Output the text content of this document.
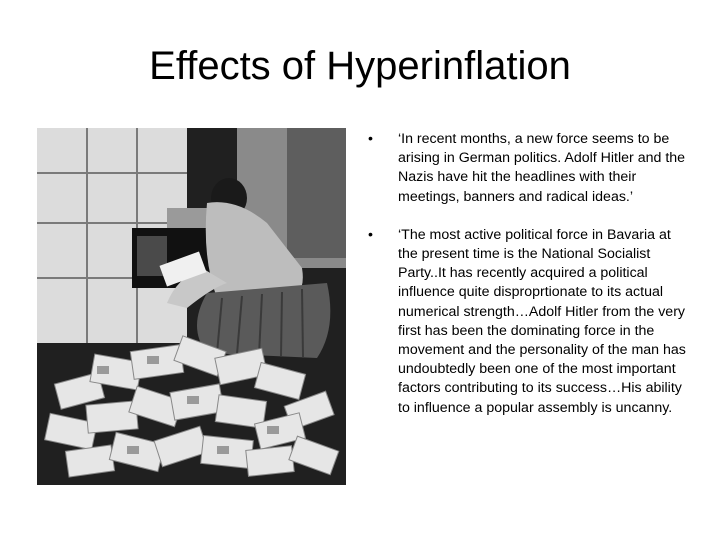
Effects of Hyperinflation
•	‘In recent months, a new force seems to be arising in German politics. Adolf Hitler and the Nazis have hit the headlines with their meetings, banners and radical ideas.’
•	‘The most active political force in Bavaria at the present time is the National Socialist Party..It has recently acquired a political influence quite disproprtionate to its actual numerical strength…Adolf Hitler from the very first has been the dominating force in the movement and the personality of the man has undoubtedly been one of the most important factors contributing to its success…His ability to influence a popular assembly is uncanny.
